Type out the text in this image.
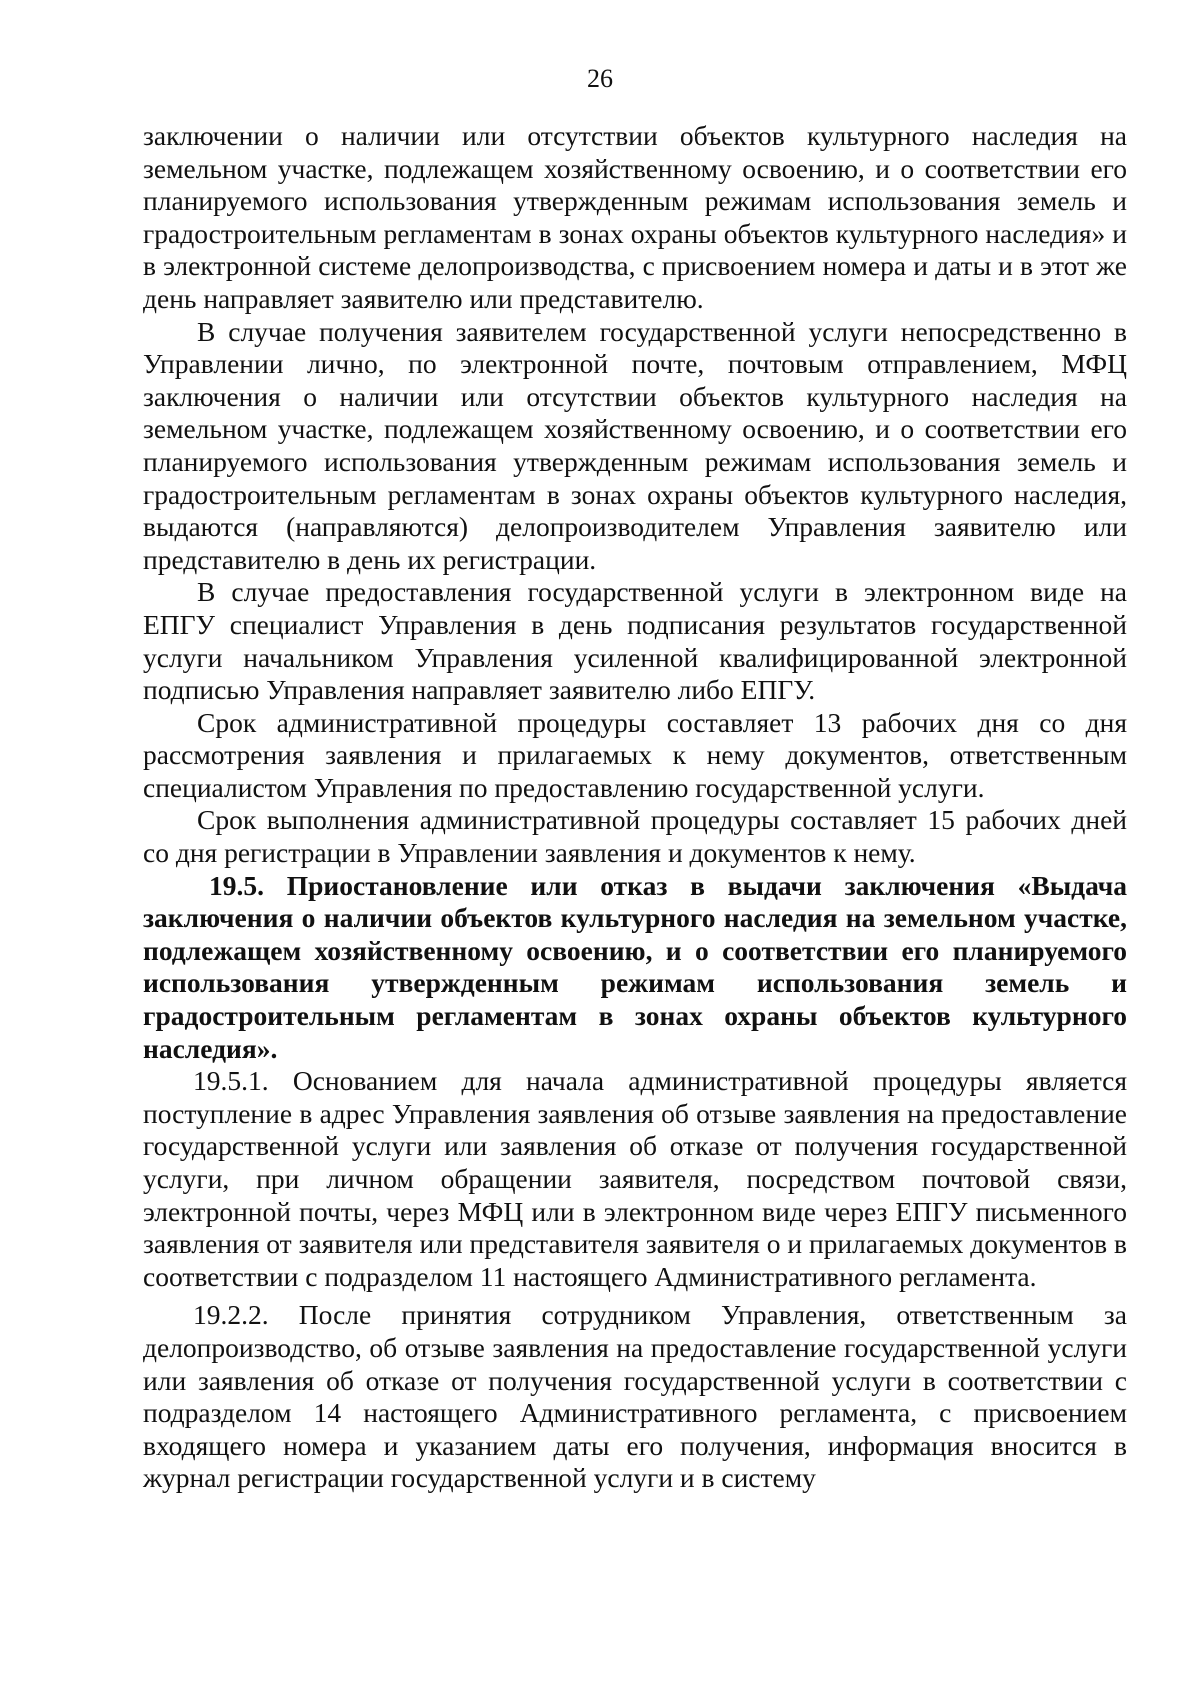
26

заключении о наличии или отсутствии объектов культурного наследия на земельном участке, подлежащем хозяйственному освоению, и о соответствии его планируемого использования утвержденным режимам использования земель и градостроительным регламентам в зонах охраны объектов культурного наследия» и в электронной системе делопроизводства, с присвоением номера и даты и в этот же день направляет заявителю или представителю.

В случае получения заявителем государственной услуги непосредственно в Управлении лично, по электронной почте, почтовым отправлением, МФЦ заключения о наличии или отсутствии объектов культурного наследия на земельном участке, подлежащем хозяйственному освоению, и о соответствии его планируемого использования утвержденным режимам использования земель и градостроительным регламентам в зонах охраны объектов культурного наследия, выдаются (направляются) делопроизводителем Управления заявителю или представителю в день их регистрации.

В случае предоставления государственной услуги в электронном виде на ЕПГУ специалист Управления в день подписания результатов государственной услуги начальником Управления усиленной квалифицированной электронной подписью Управления направляет заявителю либо ЕПГУ.

Срок административной процедуры составляет 13 рабочих дня со дня рассмотрения заявления и прилагаемых к нему документов, ответственным специалистом Управления по предоставлению государственной услуги.

Срок выполнения административной процедуры составляет 15 рабочих дней со дня регистрации в Управлении заявления и документов к нему.

19.5. Приостановление или отказ в выдачи заключения «Выдача заключения о наличии объектов культурного наследия на земельном участке, подлежащем хозяйственному освоению, и о соответствии его планируемого использования утвержденным режимам использования земель и градостроительным регламентам в зонах охраны объектов культурного наследия».

19.5.1. Основанием для начала административной процедуры является поступление в адрес Управления заявления об отзыве заявления на предоставление государственной услуги или заявления об отказе от получения государственной услуги, при личном обращении заявителя, посредством почтовой связи, электронной почты, через МФЦ или в электронном виде через ЕПГУ письменного заявления от заявителя или представителя заявителя о и прилагаемых документов в соответствии с подразделом 11 настоящего Административного регламента.

19.2.2. После принятия сотрудником Управления, ответственным за делопроизводство, об отзыве заявления на предоставление государственной услуги или заявления об отказе от получения государственной услуги в соответствии с подразделом 14 настоящего Административного регламента, с присвоением входящего номера и указанием даты его получения, информация вносится в журнал регистрации государственной услуги и в систему
